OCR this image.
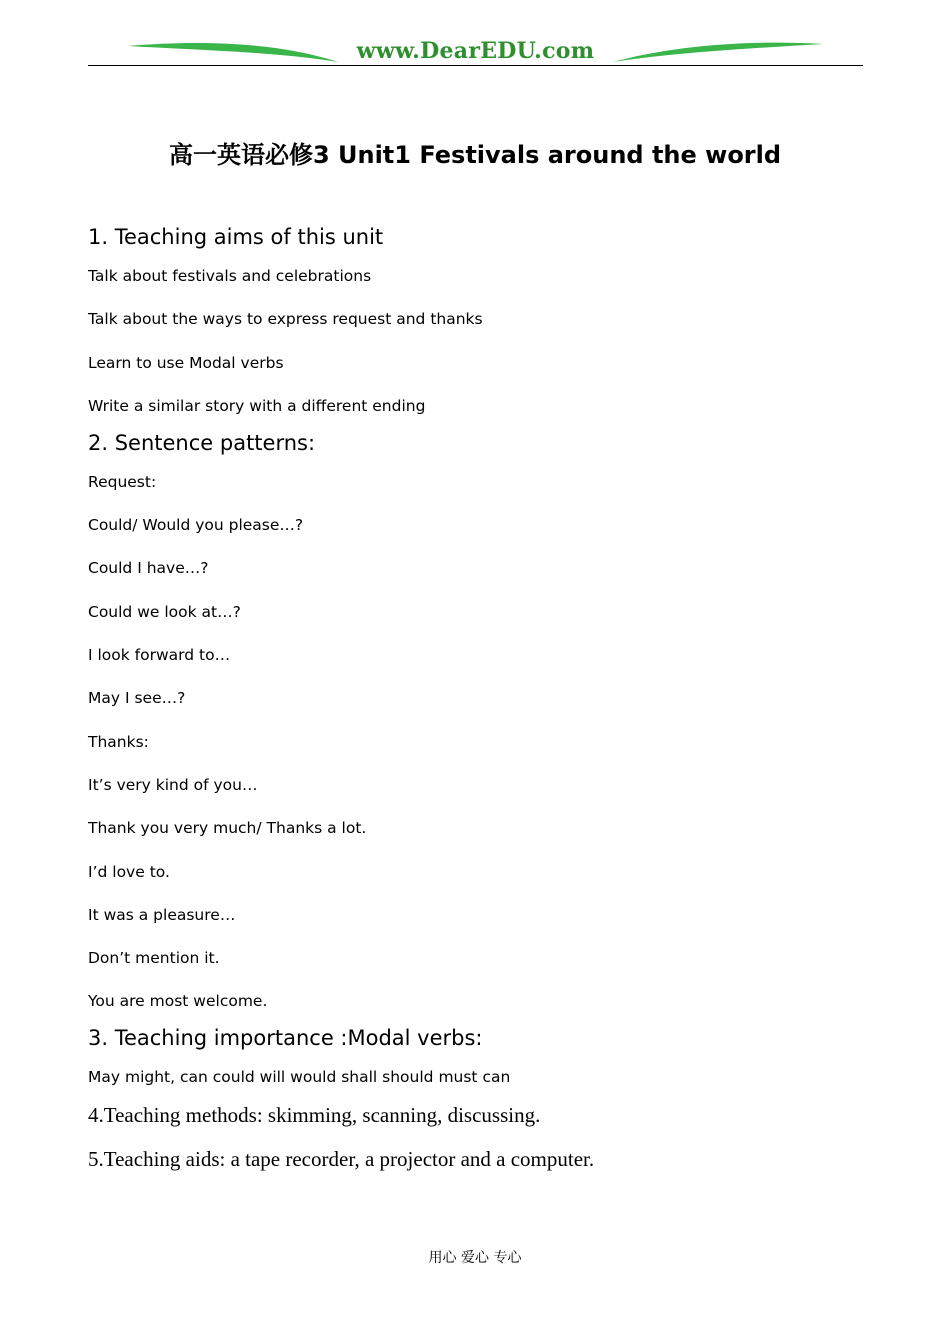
www.DearEDU.com
高一英语必修3 Unit1 Festivals around the world
1. Teaching aims of this unit
Talk about festivals and celebrations
Talk about the ways to express request and thanks
Learn to use Modal verbs
Write a similar story with a different ending
2. Sentence patterns:
Request:
Could/ Would you please…?
Could I have…?
Could we look at…?
I look forward to…
May I see…?
Thanks:
It’s very kind of you…
Thank you very much/ Thanks a lot.
I’d love to.
It was a pleasure…
Don’t mention it.
You are most welcome.
3. Teaching importance :Modal verbs:
May might, can could will would shall should must can
4.Teaching methods: skimming, scanning, discussing.
5.Teaching aids: a tape recorder, a projector and a computer.
用心 爱心 专心
